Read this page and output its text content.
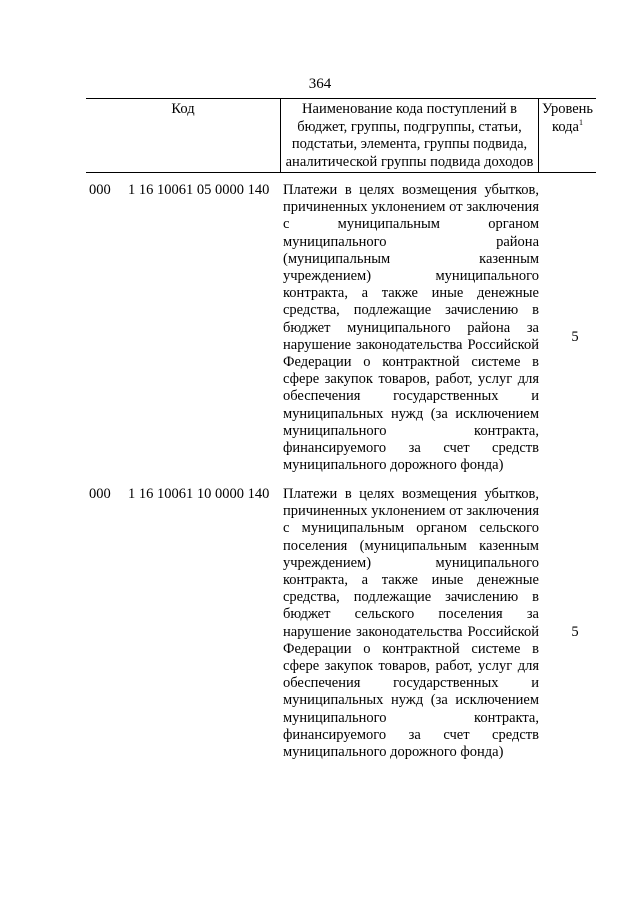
364
Код	Наименование кода поступлений в бюджет, группы, подгруппы, статьи, подстатьи, элемента, группы подвида, аналитической группы подвида доходов
Уровень кода$^1$
000 1 16 10061 05 0000 140 Платежи в целях возмещения убытков, причиненных уклонением от заключения с муниципальным органом муниципального района (муниципальным казенным учреждением) муниципального контракта, а также иные денежные средства, подлежащие зачислению в бюджет муниципального района за нарушение законодательства Российской Федерации о контрактной системе в сфере закупок товаров, работ, услуг для обеспечения государственных и муниципальных нужд (за исключением муниципального контракта, финансируемого за счет средств муниципального дорожного фонда)
5
000 1 16 10061 10 0000 140 Платежи в целях возмещения убытков, причиненных уклонением от заключения с муниципальным органом сельского поселения (муниципальным казенным учреждением) муниципального контракта, а также иные денежные средства, подлежащие зачислению в бюджет сельского поселения за нарушение законодательства Российской Федерации о контрактной системе в сфере закупок товаров, работ, услуг для обеспечения государственных и муниципальных нужд (за исключением муниципального контракта, финансируемого за счет средств муниципального дорожного фонда)
5
